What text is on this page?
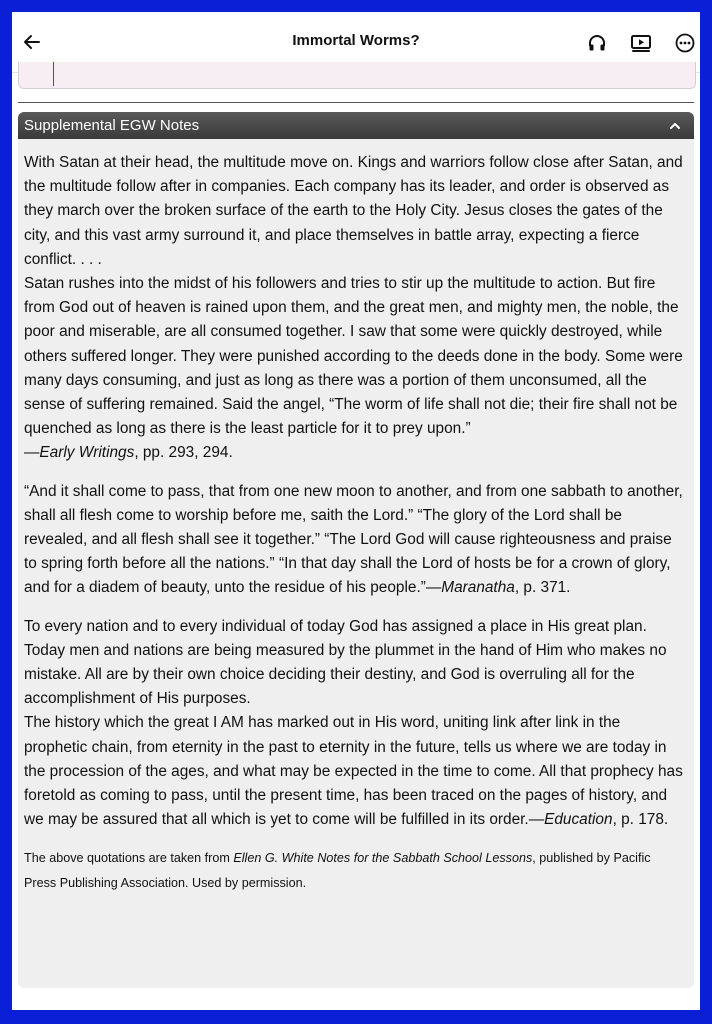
Immortal Worms?
Supplemental EGW Notes

With Satan at their head, the multitude move on. Kings and warriors follow close after Satan, and the multitude follow after in companies. Each company has its leader, and order is observed as they march over the broken surface of the earth to the Holy City. Jesus closes the gates of the city, and this vast army surround it, and place themselves in battle array, expecting a fierce conflict. . . .

Satan rushes into the midst of his followers and tries to stir up the multitude to action. But fire from God out of heaven is rained upon them, and the great men, and mighty men, the noble, the poor and miserable, are all consumed together. I saw that some were quickly destroyed, while others suffered longer. They were punished according to the deeds done in the body. Some were many days consuming, and just as long as there was a portion of them unconsumed, all the sense of suffering remained. Said the angel, “The worm of life shall not die; their fire shall not be quenched as long as there is the least particle for it to prey upon.”
—Early Writings, pp. 293, 294.

“And it shall come to pass, that from one new moon to another, and from one sabbath to another, shall all flesh come to worship before me, saith the Lord.” “The glory of the Lord shall be revealed, and all flesh shall see it together.” “The Lord God will cause righteousness and praise to spring forth before all the nations.” “In that day shall the Lord of hosts be for a crown of glory, and for a diadem of beauty, unto the residue of his people.”—Maranatha, p. 371.

To every nation and to every individual of today God has assigned a place in His great plan. Today men and nations are being measured by the plummet in the hand of Him who makes no mistake. All are by their own choice deciding their destiny, and God is overruling all for the accomplishment of His purposes.

The history which the great I AM has marked out in His word, uniting link after link in the prophetic chain, from eternity in the past to eternity in the future, tells us where we are today in the procession of the ages, and what may be expected in the time to come. All that prophecy has foretold as coming to pass, until the present time, has been traced on the pages of history, and we may be assured that all which is yet to come will be fulfilled in its order.—Education, p. 178.

The above quotations are taken from Ellen G. White Notes for the Sabbath School Lessons, published by Pacific Press Publishing Association. Used by permission.
